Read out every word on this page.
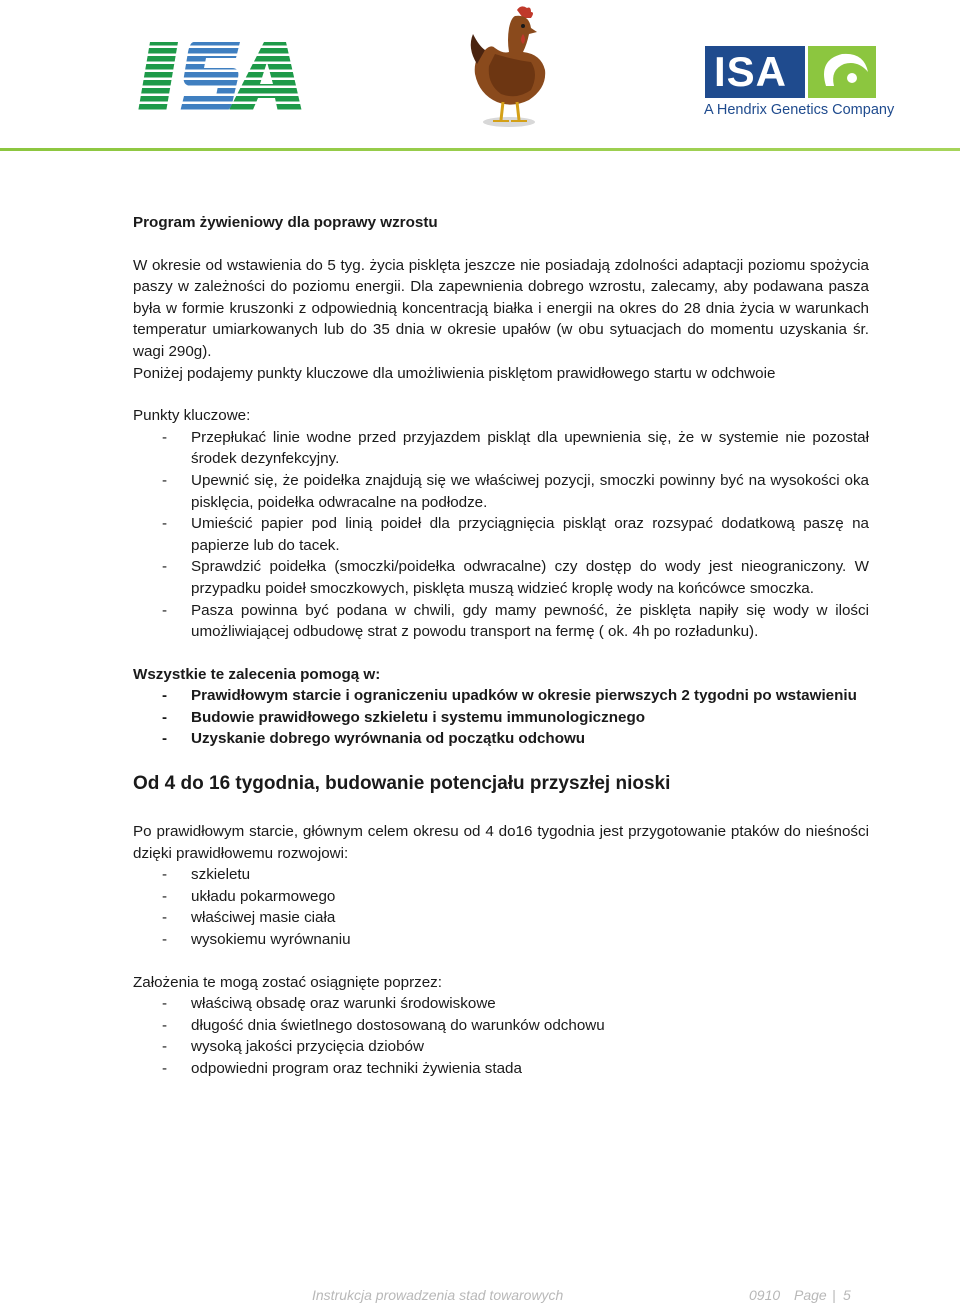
ISA
A Hendrix Genetics Company

Program żywieniowy dla poprawy wzrostu

W okresie od wstawienia do 5 tyg. życia pisklęta jeszcze nie posiadają zdolności adaptacji poziomu spożycia paszy w zależności do poziomu energii. Dla zapewnienia dobrego wzrostu, zalecamy, aby podawana pasza była w formie kruszonki z odpowiednią koncentracją białka i energii na okres do 28 dnia życia w warunkach temperatur umiarkowanych lub do 35 dnia w okresie upałów (w obu sytuacjach do momentu uzyskania śr. wagi 290g).

Poniżej podajemy punkty kluczowe dla umożliwienia pisklętom prawidłowego startu w odchwoie

Punkty kluczowe:

- Przepłukać linie wodne przed przyjazdem piskląt dla upewnienia się, że w systemie nie pozostał środek dezynfekcyjny.
- Upewnić się, że poidełka znajdują się we właściwej pozycji, smoczki powinny być na wysokości oka pisklęcia, poidełka odwracalne na podłodze.
- Umieścić papier pod linią poideł dla przyciągnięcia piskląt oraz rozsypać dodatkową paszę na papierze lub do tacek.
- Sprawdzić poidełka (smoczki/poidełka odwracalne) czy dostęp do wody jest nieograniczony. W przypadku poideł smoczkowych, pisklęta muszą widzieć kroplę wody na końcówce smoczka.
- Pasza powinna być podana w chwili, gdy mamy pewność, że pisklęta napiły się wody w ilości umożliwiającej odbudowę strat z powodu transport na fermę ( ok. 4h po rozładunku).

Wszystkie te zalecenia pomogą w:

- Prawidłowym starcie i ograniczeniu upadków w okresie pierwszych 2 tygodni po wstawieniu
- Budowie prawidłowego szkieletu i systemu immunologicznego
- Uzyskanie dobrego wyrównania od początku odchowu

Od 4 do 16 tygodnia, budowanie potencjału przyszłej nioski

Po prawidłowym starcie, głównym celem okresu od 4 do16 tygodnia jest przygotowanie ptaków do nieśności dzięki prawidłowemu rozwojowi:

- szkieletu
- układu pokarmowego
- właściwej masie ciała
- wysokiemu wyrównaniu

Założenia te mogą zostać osiągnięte poprzez:

- właściwą obsadę oraz warunki środowiskowe
- długość dnia świetlnego dostosowaną do warunków odchowu
- wysoką jakości przycięcia dziobów
- odpowiedni program oraz techniki żywienia stada
Instrukcja prowadzenia stad towarowych	0910 Page | 5
